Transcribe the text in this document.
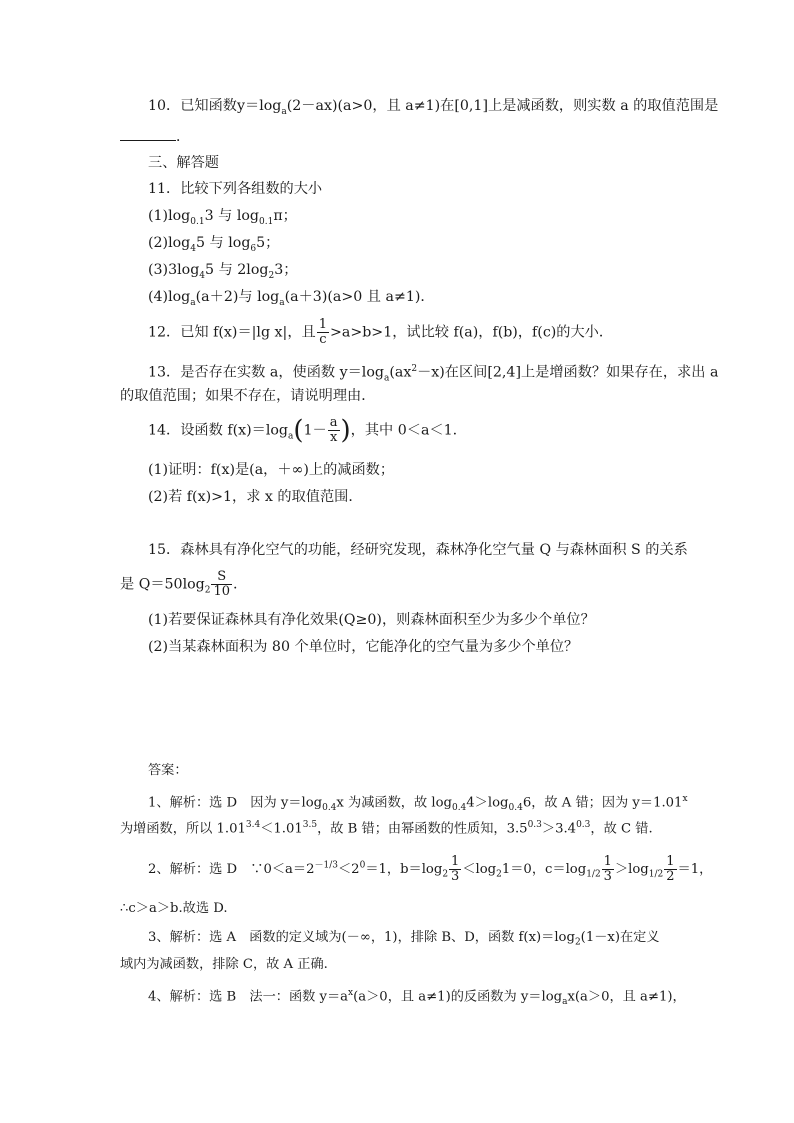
10．已知函数$y=\log_a(2-ax)(a>0$，且 a≠1)在[0,1]上是减函数，则实数 a 的取值范围是
．
三、解答题
11．比较下列各组数的大小
$(1)\log_{0.1}3$ 与 $\log_{0.1}\pi$；
$(2)\log_45$ 与 $\log_65$；
$(3)3\log_45$ 与 $2\log_23$；
$(4)\log_a(a+2)$与 $\log_a(a+3)(a>0$ 且 a≠1)．
12．已知 f(x)＝|lg x|，且 $\frac{1}{c} >a>b>1$，试比较 f(a)，f(b)，f(c)的大小．
13．是否存在实数 a，使函数 $y=\log_a(ax^2-x)$在区间[2,4]上是增函数？如果存在，求出 a
的取值范围；如果不存在，请说明理由．
14．设函数 $f(x)=\log_a(1- \frac{a}{x}$ )，其中 0＜a＜1.
(1)证明：f(x)是(a，＋∞)上的减函数；
(2)若 f(x)>1，求 x 的取值范围．
15．森林具有净化空气的功能，经研究发现，森林净化空气量 Q 与森林面积 S 的关系
是 $Q=50\log_2 \frac{S}{10}$ .
(1)若要保证森林具有净化效果(Q≥0)，则森林面积至少为多少个单位？
(2)当某森林面积为 80 个单位时，它能净化的空气量为多少个单位？
答案：
1、解析：选 D　因为 $y=\log_{0.4}x$ 为减函数，故 $\log_{0.4}4>\log_{0.4}6$，故 A 错；因为 $y=1.01^x$
为增函数，所以 $1.01^{3.4}<1.01^{3.5}$，故 B 错；由幂函数的性质知，$3.5^{0.3}>3.4^{0.3}$，故 C 错.
2、解析：选 D　$\because 0<a=2^{-1/3}<2^0=1$，$b=\log_2 \frac{1}{3} <\log_21=0$，$c=\log_{1/2} \frac{1}{3} >\log_{1/2} \frac{1}{2} =1$，
∴c＞a＞b.故选 D.
3、解析：选 A　函数的定义域为(－∞，1)，排除 B、D，函数 $f(x)=\log_2(1-x)$在定义
域内为减函数，排除 C，故 A 正确.
4、解析：选 B　法一：函数 $y=a^x(a>0$，且 a≠1)的反函数为 $y=\log_ax(a>0$，且 a≠1)，
